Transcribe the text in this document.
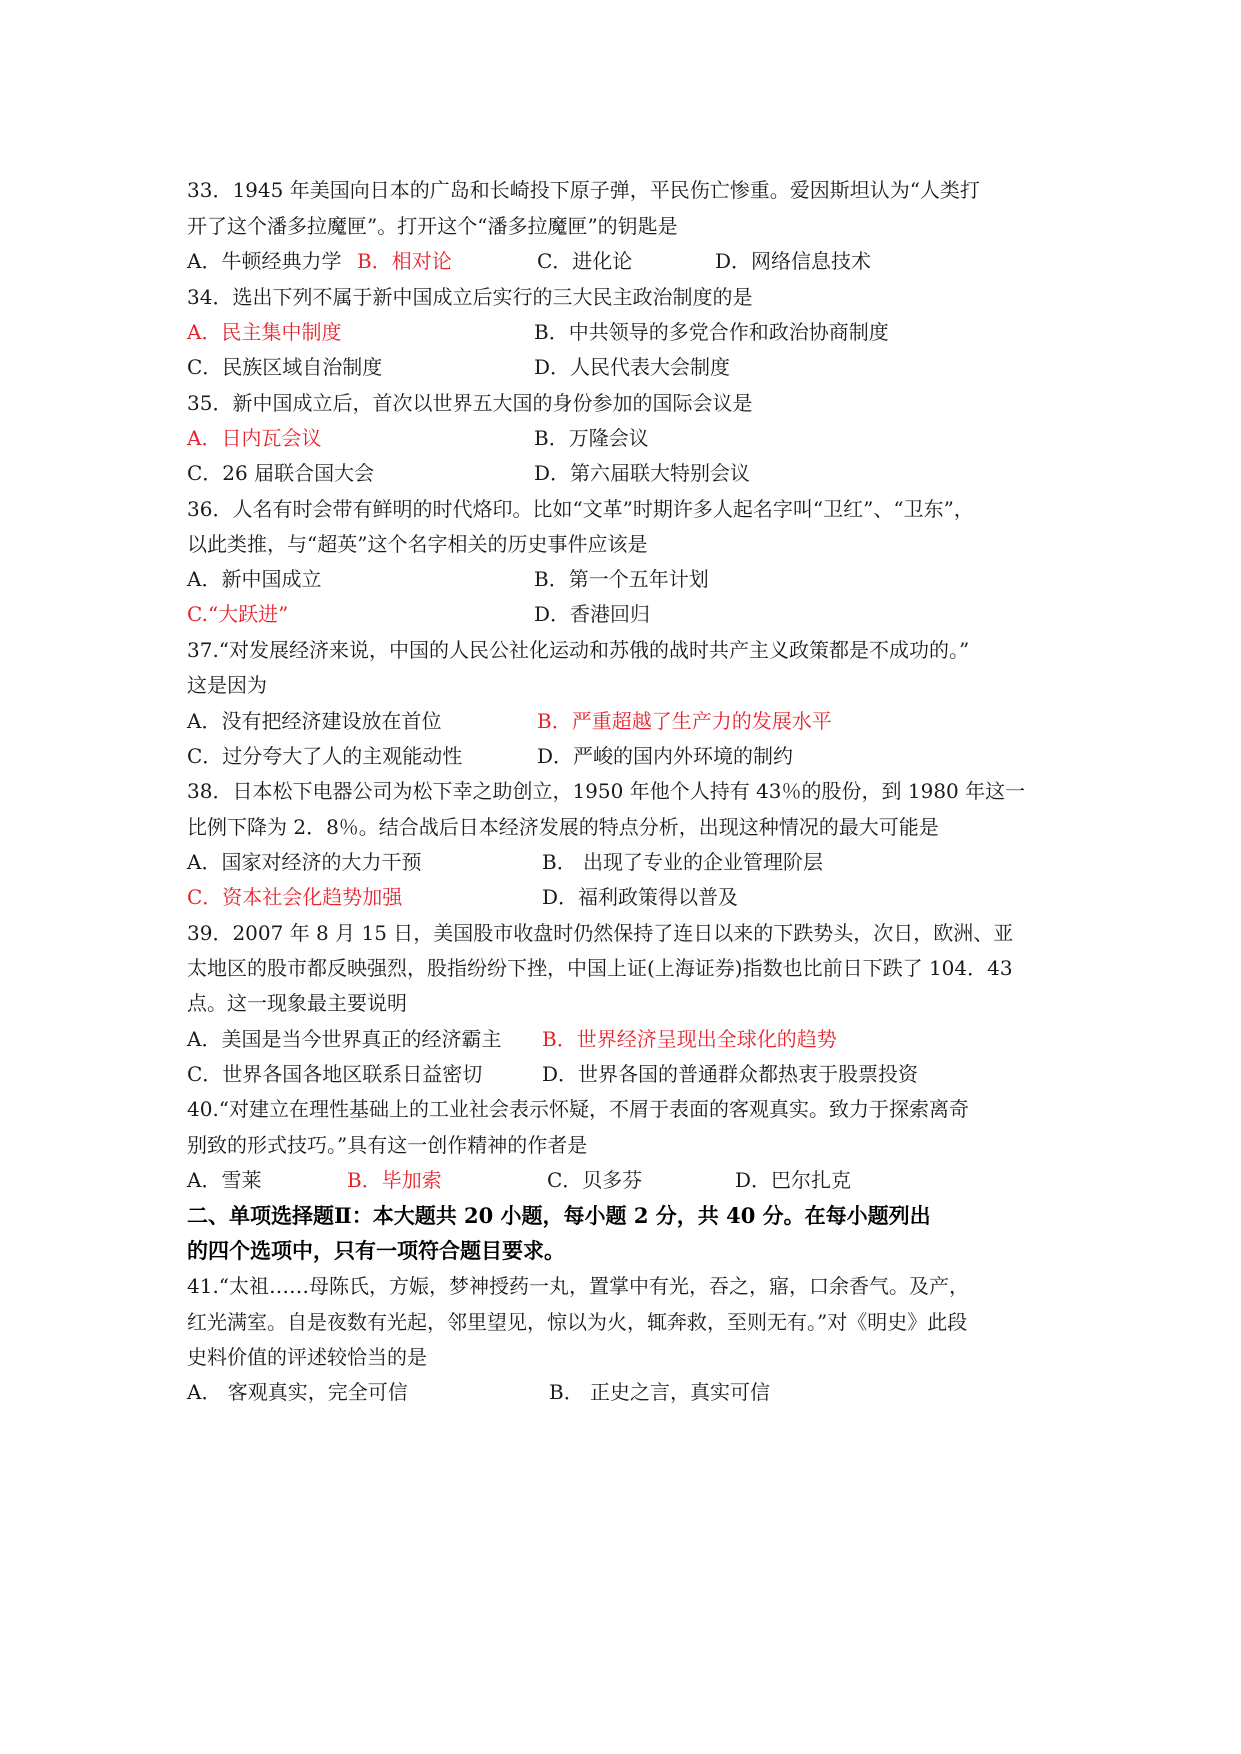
33．1945 年美国向日本的广岛和长崎投下原子弹，平民伤亡惨重。爱因斯坦认为“人类打
开了这个潘多拉魔匣”。打开这个“潘多拉魔匣”的钥匙是
A．牛顿经典力学 B．相对论	C．进化论	D．网络信息技术
34．选出下列不属于新中国成立后实行的三大民主政治制度的是
A．民主集中制度	B．中共领导的多党合作和政治协商制度
C．民族区域自治制度	D．人民代表大会制度
35．新中国成立后，首次以世界五大国的身份参加的国际会议是
A．日内瓦会议	B．万隆会议
C．26 届联合国大会	D．第六届联大特别会议
36．人名有时会带有鲜明的时代烙印。比如“文革”时期许多人起名字叫“卫红”、“卫东”，
以此类推，与“超英”这个名字相关的历史事件应该是
A．新中国成立	B．第一个五年计划
C.“大跃进”	D．香港回归
37.“对发展经济来说，中国的人民公社化运动和苏俄的战时共产主义政策都是不成功的。”
这是因为
A．没有把经济建设放在首位	B．严重超越了生产力的发展水平
C．过分夸大了人的主观能动性	D．严峻的国内外环境的制约
38．日本松下电器公司为松下幸之助创立，1950 年他个人持有 43％的股份，到 1980 年这一
比例下降为 2．8％。结合战后日本经济发展的特点分析，出现这种情况的最大可能是
A．国家对经济的大力干预	B． 出现了专业的企业管理阶层
C．资本社会化趋势加强	D．福利政策得以普及
39．2007 年 8 月 15 日，美国股市收盘时仍然保持了连日以来的下跌势头，次日，欧洲、亚
太地区的股市都反映强烈，股指纷纷下挫，中国上证(上海证券)指数也比前日下跌了 104．43
点。这一现象最主要说明
A．美国是当今世界真正的经济霸主 B．世界经济呈现出全球化的趋势
C．世界各国各地区联系日益密切	D．世界各国的普通群众都热衷于股票投资
40.“对建立在理性基础上的工业社会表示怀疑，不屑于表面的客观真实。致力于探索离奇
别致的形式技巧。”具有这一创作精神的作者是
A．雪莱	B．毕加索	C．贝多芬	D．巴尔扎克
二、单项选择题Ⅱ：本大题共 20 小题，每小题 2 分，共 40 分。在每小题列出
的四个选项中，只有一项符合题目要求。
41.“太祖……母陈氏，方娠，梦神授药一丸，置掌中有光，吞之，寤，口余香气。及产，
红光满室。自是夜数有光起，邻里望见，惊以为火，辄奔救，至则无有。”对《明史》此段
史料价值的评述较恰当的是
A． 客观真实，完全可信	B． 正史之言，真实可信
